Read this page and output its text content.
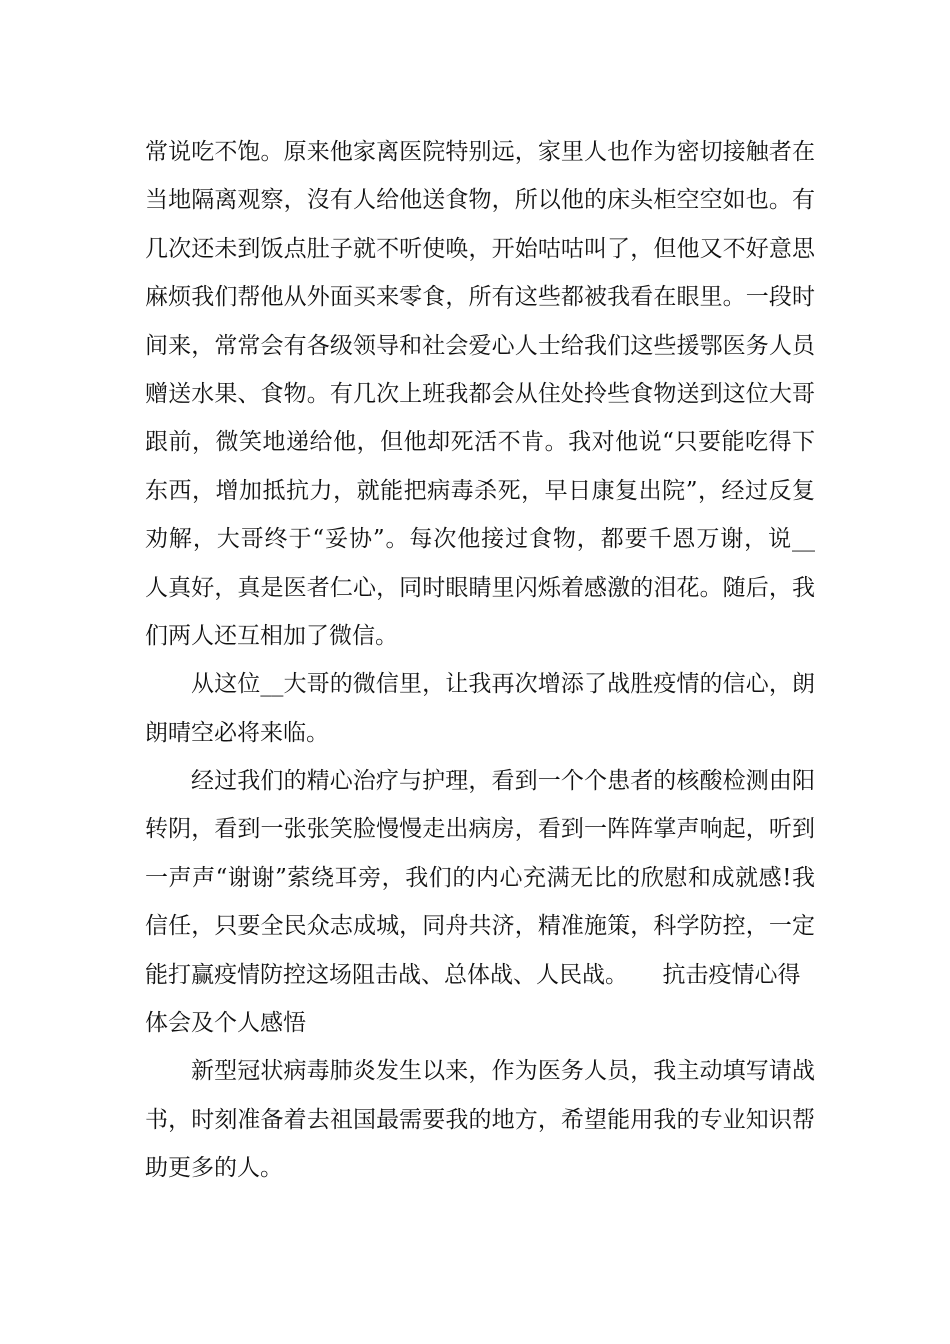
常说吃不饱。原来他家离医院特别远，家里人也作为密切接触者在
当地隔离观察，沒有人给他送食物，所以他的床头柜空空如也。有
几次还未到饭点肚子就不听使唤，开始咕咕叫了，但他又不好意思
麻烦我们帮他从外面买来零食，所有这些都被我看在眼里。一段时
间来，常常会有各级领导和社会爱心人士给我们这些援鄂医务人员
赠送水果、食物。有几次上班我都会从住处拎些食物送到这位大哥
跟前，微笑地递给他，但他却死活不肯。我对他说“只要能吃得下
东西，增加抵抗力，就能把病毒杀死，早日康复出院”，经过反复
劝解，大哥终于“妥协”。每次他接过食物，都要千恩万谢，说__
人真好，真是医者仁心，同时眼睛里闪烁着感激的泪花。随后，我
们两人还互相加了微信。
从这位__大哥的微信里，让我再次增添了战胜疫情的信心，朗
朗晴空必将来临。
经过我们的精心治疗与护理，看到一个个患者的核酸检测由阳
转阴，看到一张张笑脸慢慢走出病房，看到一阵阵掌声响起，听到
一声声“谢谢”萦绕耳旁，我们的内心充满无比的欣慰和成就感!我
信任，只要全民众志成城，同舟共济，精准施策，科学防控，一定
能打赢疫情防控这场阻击战、总体战、人民战。　　抗击疫情心得
体会及个人感悟
新型冠状病毒肺炎发生以来，作为医务人员，我主动填写请战
书，时刻准备着去祖国最需要我的地方，希望能用我的专业知识帮
助更多的人。
